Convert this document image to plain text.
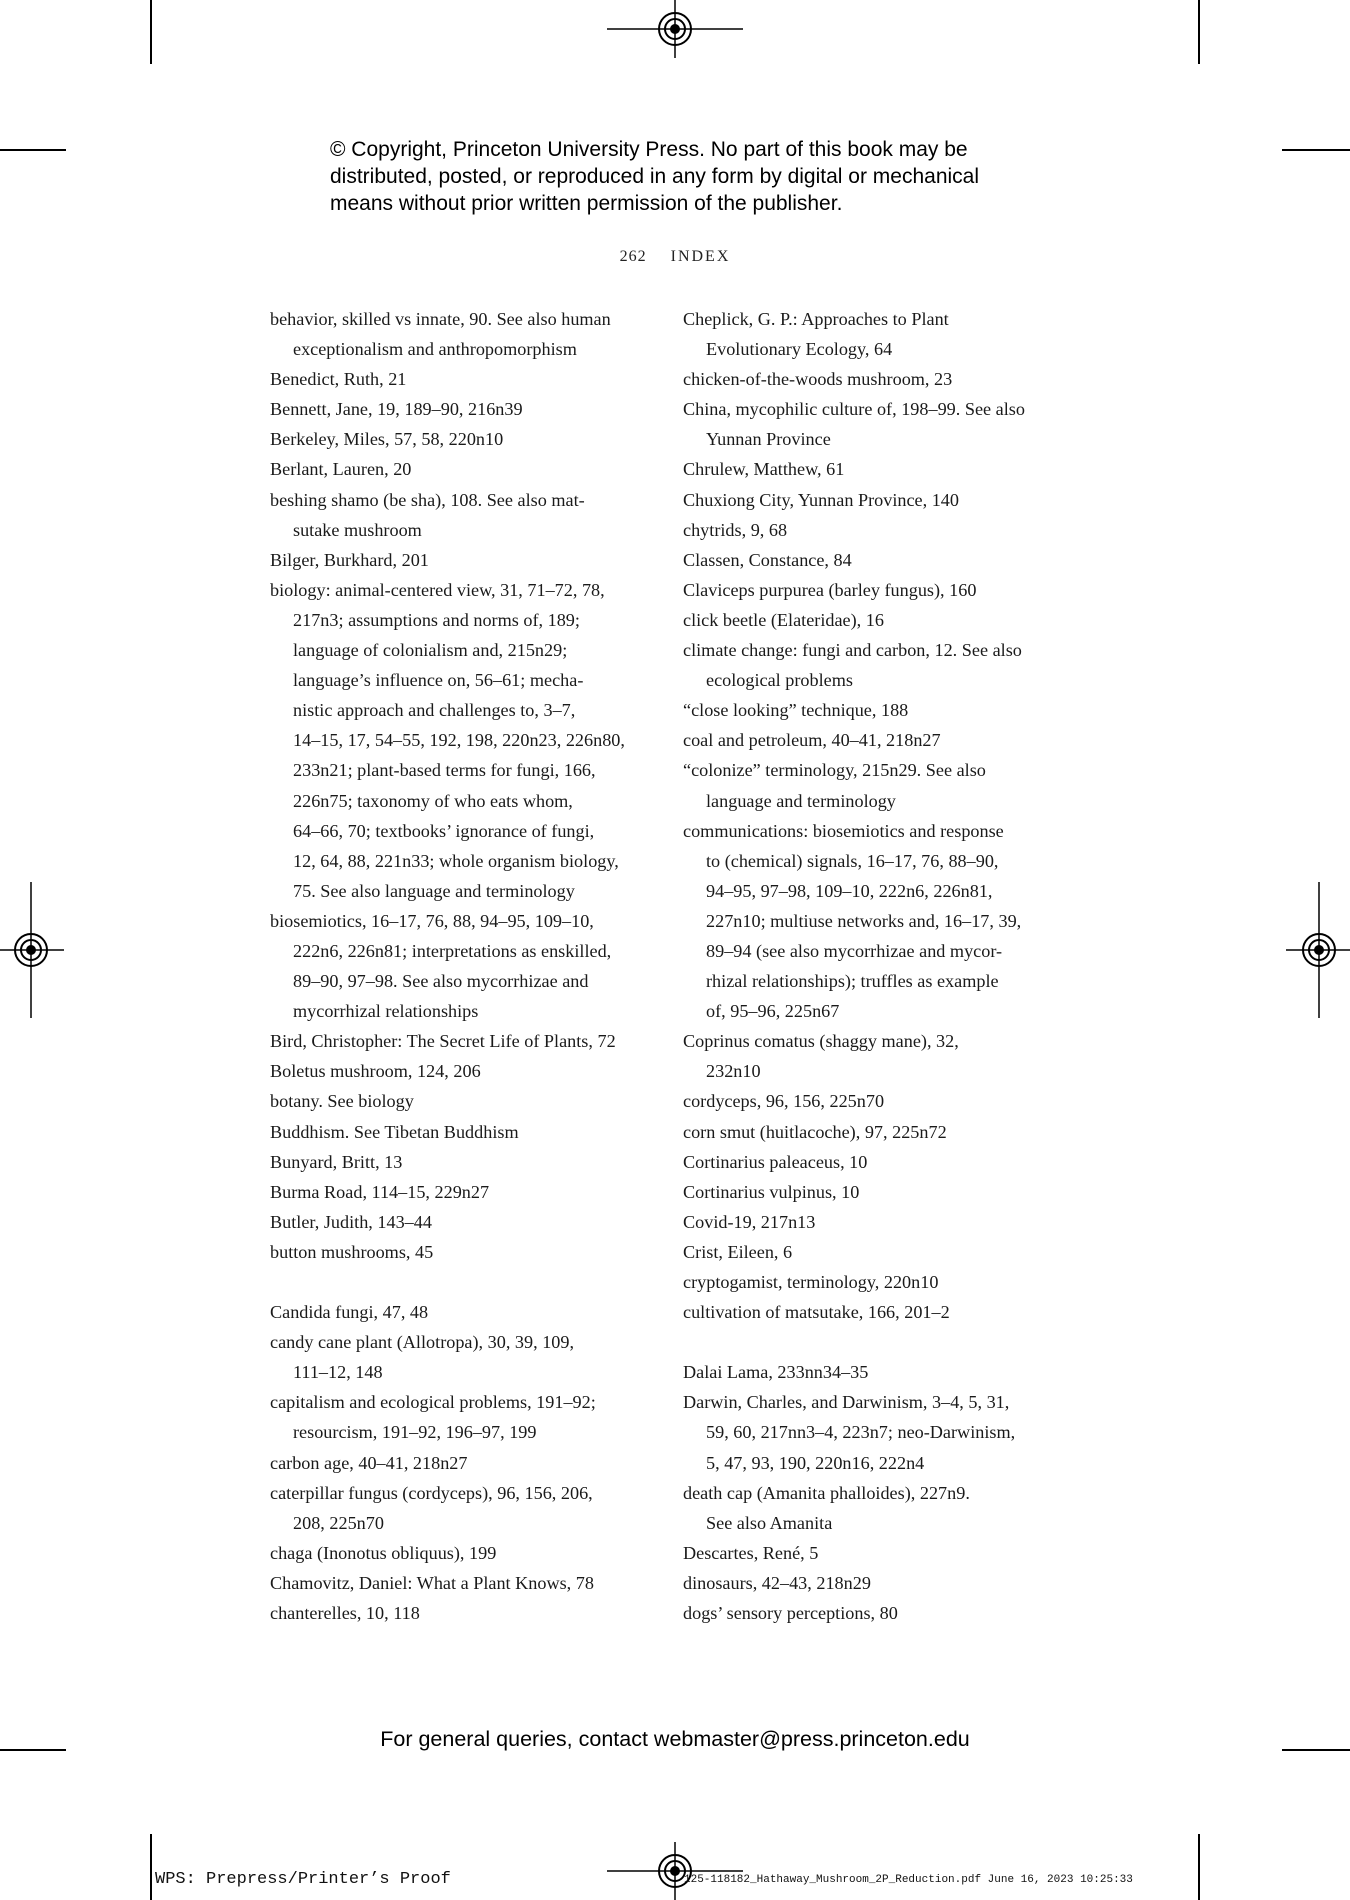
© Copyright, Princeton University Press. No part of this book may be
distributed, posted, or reproduced in any form by digital or mechanical
means without prior written permission of the publisher.
262 INDEX
behavior, skilled vs innate, 90. See also human
exceptionalism and anthropomorphism
Benedict, Ruth, 21
Bennett, Jane, 19, 189–90, 216n39
Berkeley, Miles, 57, 58, 220n10
Berlant, Lauren, 20
beshing shamo (be sha), 108. See also mat-
sutake mushroom
Bilger, Burkhard, 201
biology: animal-centered view, 31, 71–72, 78,
217n3; assumptions and norms of, 189;
language of colonialism and, 215n29;
language’s influence on, 56–61; mecha-
nistic approach and challenges to, 3–7,
14–15, 17, 54–55, 192, 198, 220n23, 226n80,
233n21; plant-based terms for fungi, 166,
226n75; taxonomy of who eats whom,
64–66, 70; textbooks’ ignorance of fungi,
12, 64, 88, 221n33; whole organism biology,
75. See also language and terminology
biosemiotics, 16–17, 76, 88, 94–95, 109–10,
222n6, 226n81; interpretations as enskilled,
89–90, 97–98. See also mycorrhizae and
mycorrhizal relationships
Bird, Christopher: The Secret Life of Plants, 72
Boletus mushroom, 124, 206
botany. See biology
Buddhism. See Tibetan Buddhism
Bunyard, Britt, 13
Burma Road, 114–15, 229n27
Butler, Judith, 143–44
button mushrooms, 45
Candida fungi, 47, 48
candy cane plant (Allotropa), 30, 39, 109,
111–12, 148
capitalism and ecological problems, 191–92;
resourcism, 191–92, 196–97, 199
carbon age, 40–41, 218n27
caterpillar fungus (cordyceps), 96, 156, 206,
208, 225n70
chaga (Inonotus obliquus), 199
Chamovitz, Daniel: What a Plant Knows, 78
chanterelles, 10, 118
Cheplick, G. P.: Approaches to Plant
Evolutionary Ecology, 64
chicken-of-the-woods mushroom, 23
China, mycophilic culture of, 198–99. See also
Yunnan Province
Chrulew, Matthew, 61
Chuxiong City, Yunnan Province, 140
chytrids, 9, 68
Classen, Constance, 84
Claviceps purpurea (barley fungus), 160
click beetle (Elateridae), 16
climate change: fungi and carbon, 12. See also
ecological problems
“close looking” technique, 188
coal and petroleum, 40–41, 218n27
“colonize” terminology, 215n29. See also
language and terminology
communications: biosemiotics and response
to (chemical) signals, 16–17, 76, 88–90,
94–95, 97–98, 109–10, 222n6, 226n81,
227n10; multiuse networks and, 16–17, 39,
89–94 (see also mycorrhizae and mycor-
rhizal relationships); truffles as example
of, 95–96, 225n67
Coprinus comatus (shaggy mane), 32,
232n10
cordyceps, 96, 156, 225n70
corn smut (huitlacoche), 97, 225n72
Cortinarius paleaceus, 10
Cortinarius vulpinus, 10
Covid-19, 217n13
Crist, Eileen, 6
cryptogamist, terminology, 220n10
cultivation of matsutake, 166, 201–2
Dalai Lama, 233nn34–35
Darwin, Charles, and Darwinism, 3–4, 5, 31,
59, 60, 217nn3–4, 223n7; neo-Darwinism,
5, 47, 93, 190, 220n16, 222n4
death cap (Amanita phalloides), 227n9.
See also Amanita
Descartes, René, 5
dinosaurs, 42–43, 218n29
dogs’ sensory perceptions, 80
For general queries, contact webmaster@press.princeton.edu
WPS: Prepress/Printer’s Proof	125-118182_Hathaway_Mushroom_2P_Reduction.pdf June 16, 2023 10:25:33
